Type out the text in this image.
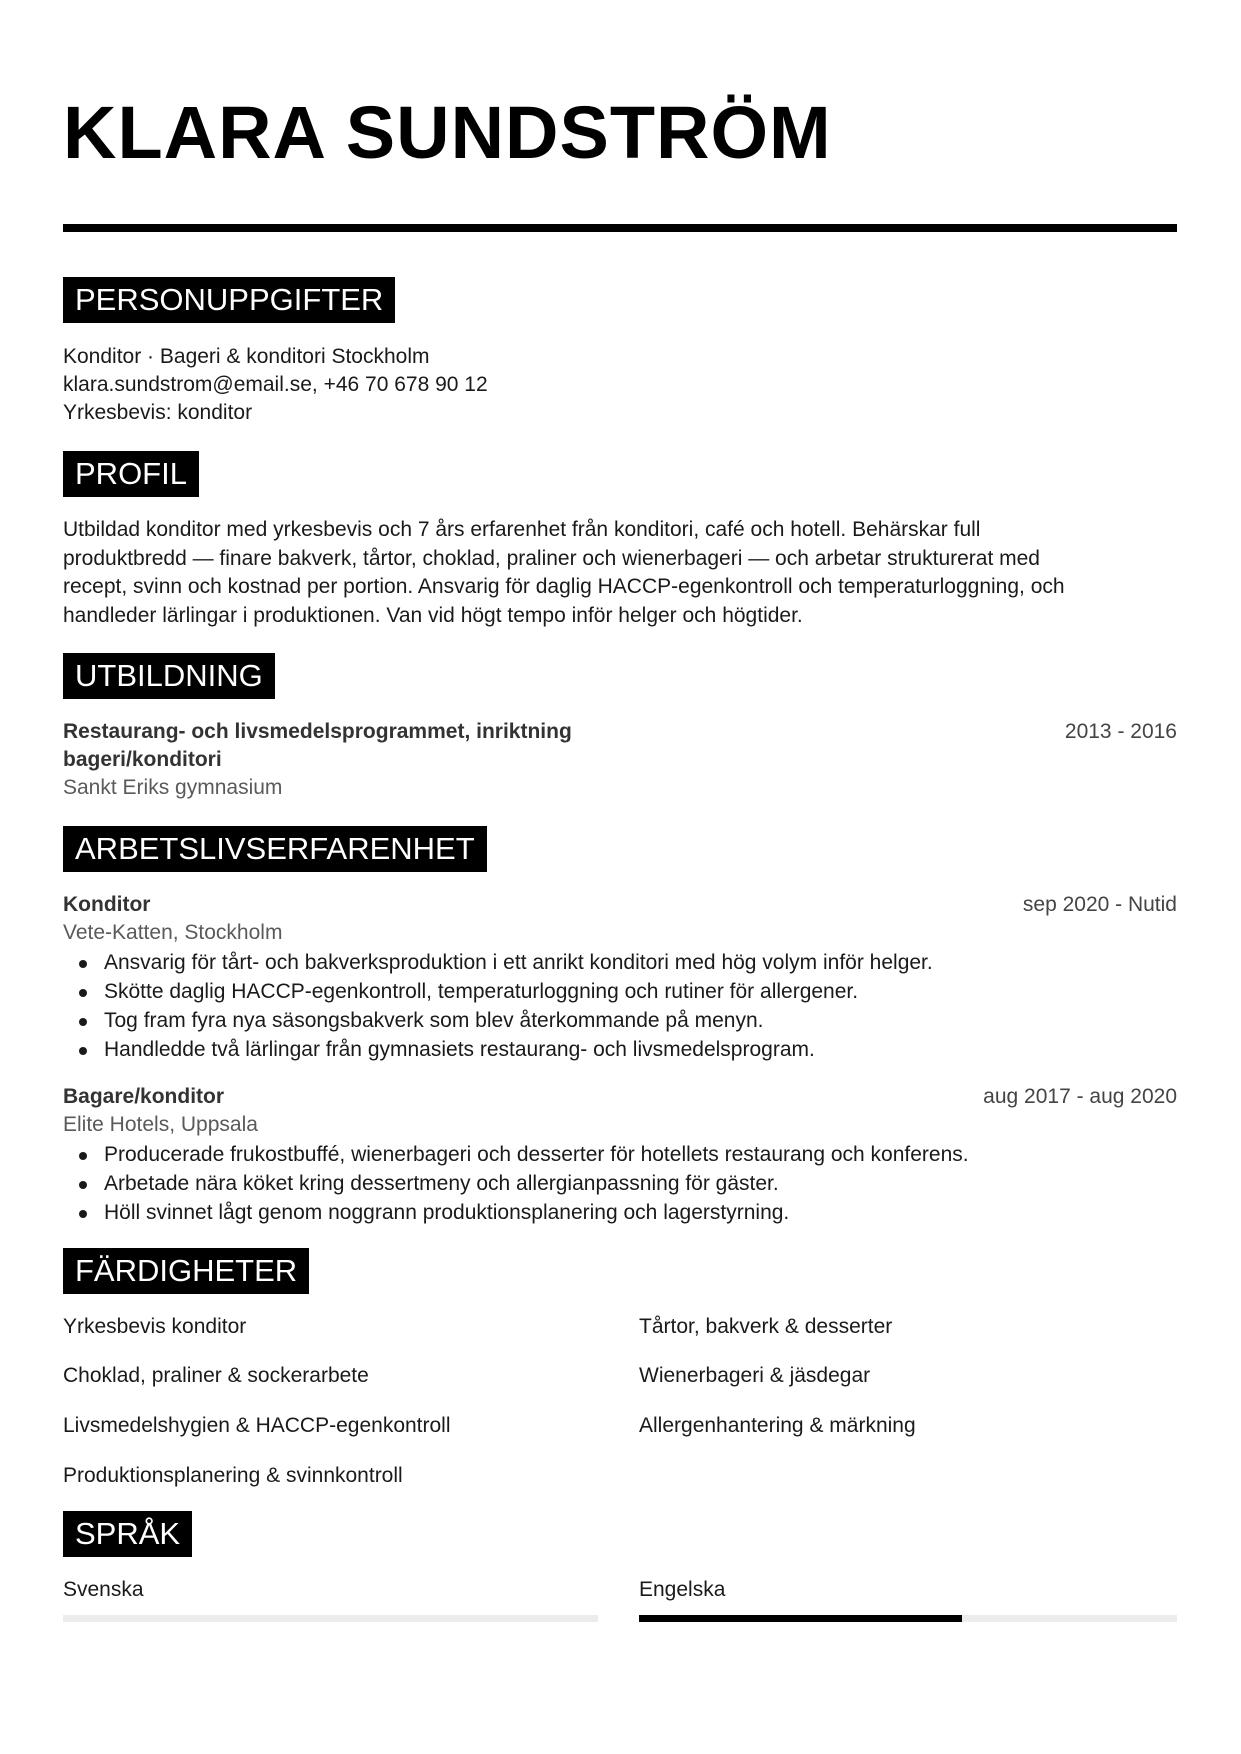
KLARA SUNDSTRÖM
PERSONUPPGIFTER
Konditor · Bageri & konditori Stockholm
klara.sundstrom@email.se, +46 70 678 90 12
Yrkesbevis: konditor
PROFIL
Utbildad konditor med yrkesbevis och 7 års erfarenhet från konditori, café och hotell. Behärskar full
produktbredd — finare bakverk, tårtor, choklad, praliner och wienerbageri — och arbetar strukturerat med
recept, svinn och kostnad per portion. Ansvarig för daglig HACCP-egenkontroll och temperaturloggning, och
handleder lärlingar i produktionen. Van vid högt tempo inför helger och högtider.
UTBILDNING
Restaurang- och livsmedelsprogrammet, inriktning
bageri/konditori
Sankt Eriks gymnasium
2013 - 2016
ARBETSLIVSERFARENHET
Konditor	sep 2020 - Nutid
Vete-Katten, Stockholm
Ansvarig för tårt- och bakverksproduktion i ett anrikt konditori med hög volym inför helger.
Skötte daglig HACCP-egenkontroll, temperaturloggning och rutiner för allergener.
Tog fram fyra nya säsongsbakverk som blev återkommande på menyn.
Handledde två lärlingar från gymnasiets restaurang- och livsmedelsprogram.
Bagare/konditor	aug 2017 - aug 2020
Elite Hotels, Uppsala
Producerade frukostbuffé, wienerbageri och desserter för hotellets restaurang och konferens.
Arbetade nära köket kring dessertmeny och allergianpassning för gäster.
Höll svinnet lågt genom noggrann produktionsplanering och lagerstyrning.
FÄRDIGHETER
Yrkesbevis konditor	Tårtor, bakverk & desserter
Choklad, praliner & sockerarbete	Wienerbageri & jäsdegar
Livsmedelshygien & HACCP-egenkontroll	Allergenhantering & märkning
Produktionsplanering & svinnkontroll
SPRÅK
Svenska	Engelska
